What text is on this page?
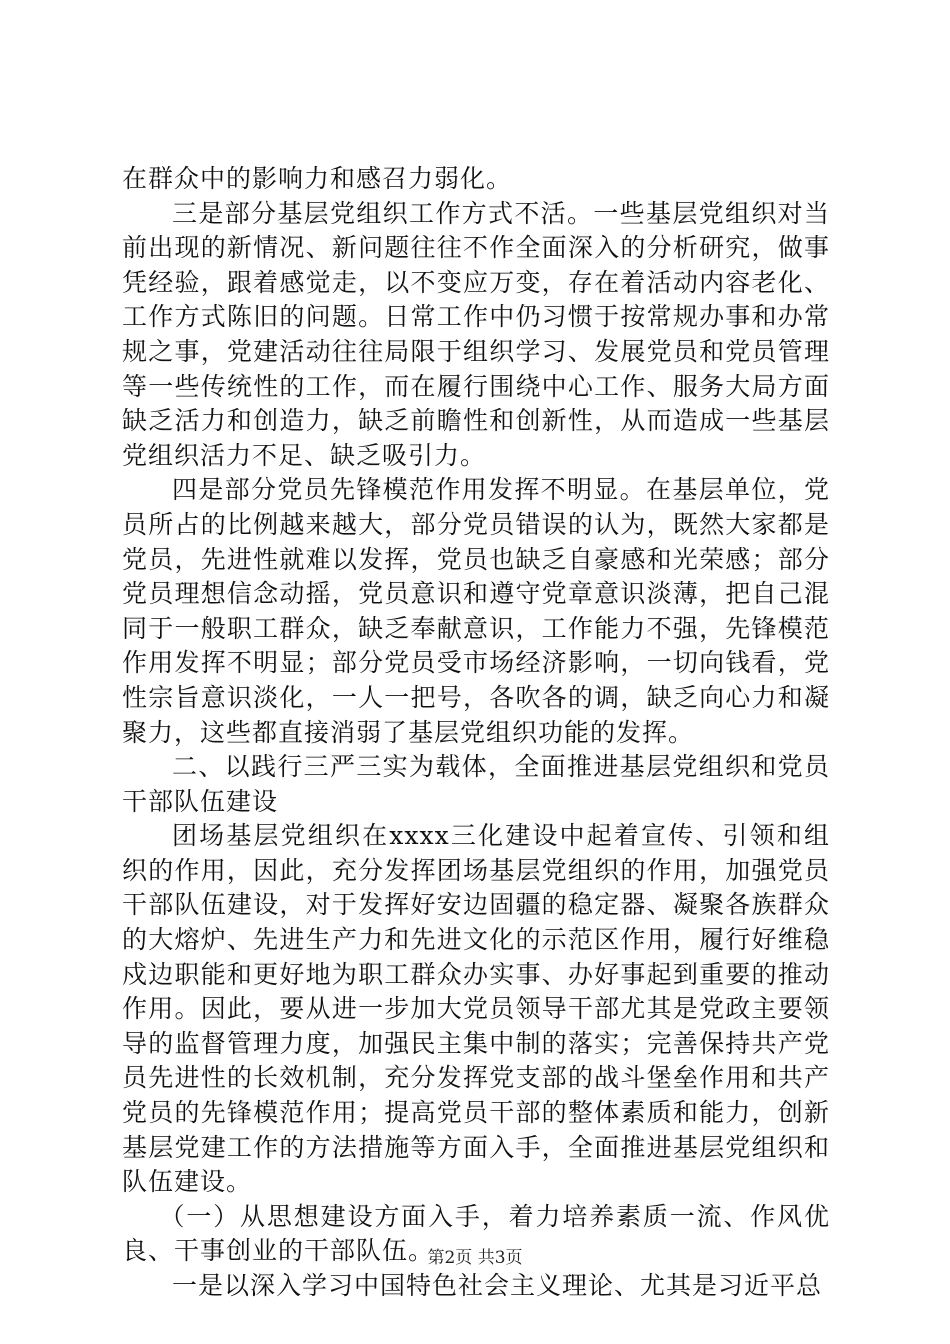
在群众中的影响力和感召力弱化。

三是部分基层党组织工作方式不活。一些基层党组织对当前出现的新情况、新问题往往不作全面深入的分析研究，做事凭经验，跟着感觉走，以不变应万变，存在着活动内容老化、工作方式陈旧的问题。日常工作中仍习惯于按常规办事和办常规之事，党建活动往往局限于组织学习、发展党员和党员管理等一些传统性的工作，而在履行围绕中心工作、服务大局方面缺乏活力和创造力，缺乏前瞻性和创新性，从而造成一些基层党组织活力不足、缺乏吸引力。

四是部分党员先锋模范作用发挥不明显。在基层单位，党员所占的比例越来越大，部分党员错误的认为，既然大家都是党员，先进性就难以发挥，党员也缺乏自豪感和光荣感；部分党员理想信念动摇，党员意识和遵守党章意识淡薄，把自己混同于一般职工群众，缺乏奉献意识，工作能力不强，先锋模范作用发挥不明显；部分党员受市场经济影响，一切向钱看，党性宗旨意识淡化，一人一把号，各吹各的调，缺乏向心力和凝聚力，这些都直接消弱了基层党组织功能的发挥。

二、以践行三严三实为载体，全面推进基层党组织和党员干部队伍建设

团场基层党组织在xxxx三化建设中起着宣传、引领和组织的作用，因此，充分发挥团场基层党组织的作用，加强党员干部队伍建设，对于发挥好安边固疆的稳定器、凝聚各族群众的大熔炉、先进生产力和先进文化的示范区作用，履行好维稳戍边职能和更好地为职工群众办实事、办好事起到重要的推动作用。因此，要从进一步加大党员领导干部尤其是党政主要领导的监督管理力度，加强民主集中制的落实；完善保持共产党员先进性的长效机制，充分发挥党支部的战斗堡垒作用和共产党员的先锋模范作用；提高党员干部的整体素质和能力，创新基层党建工作的方法措施等方面入手，全面推进基层党组织和队伍建设。

（一）从思想建设方面入手，着力培养素质一流、作风优良、干事创业的干部队伍。

一是以深入学习中国特色社会主义理论、尤其是习近平总

第2页 共3页
